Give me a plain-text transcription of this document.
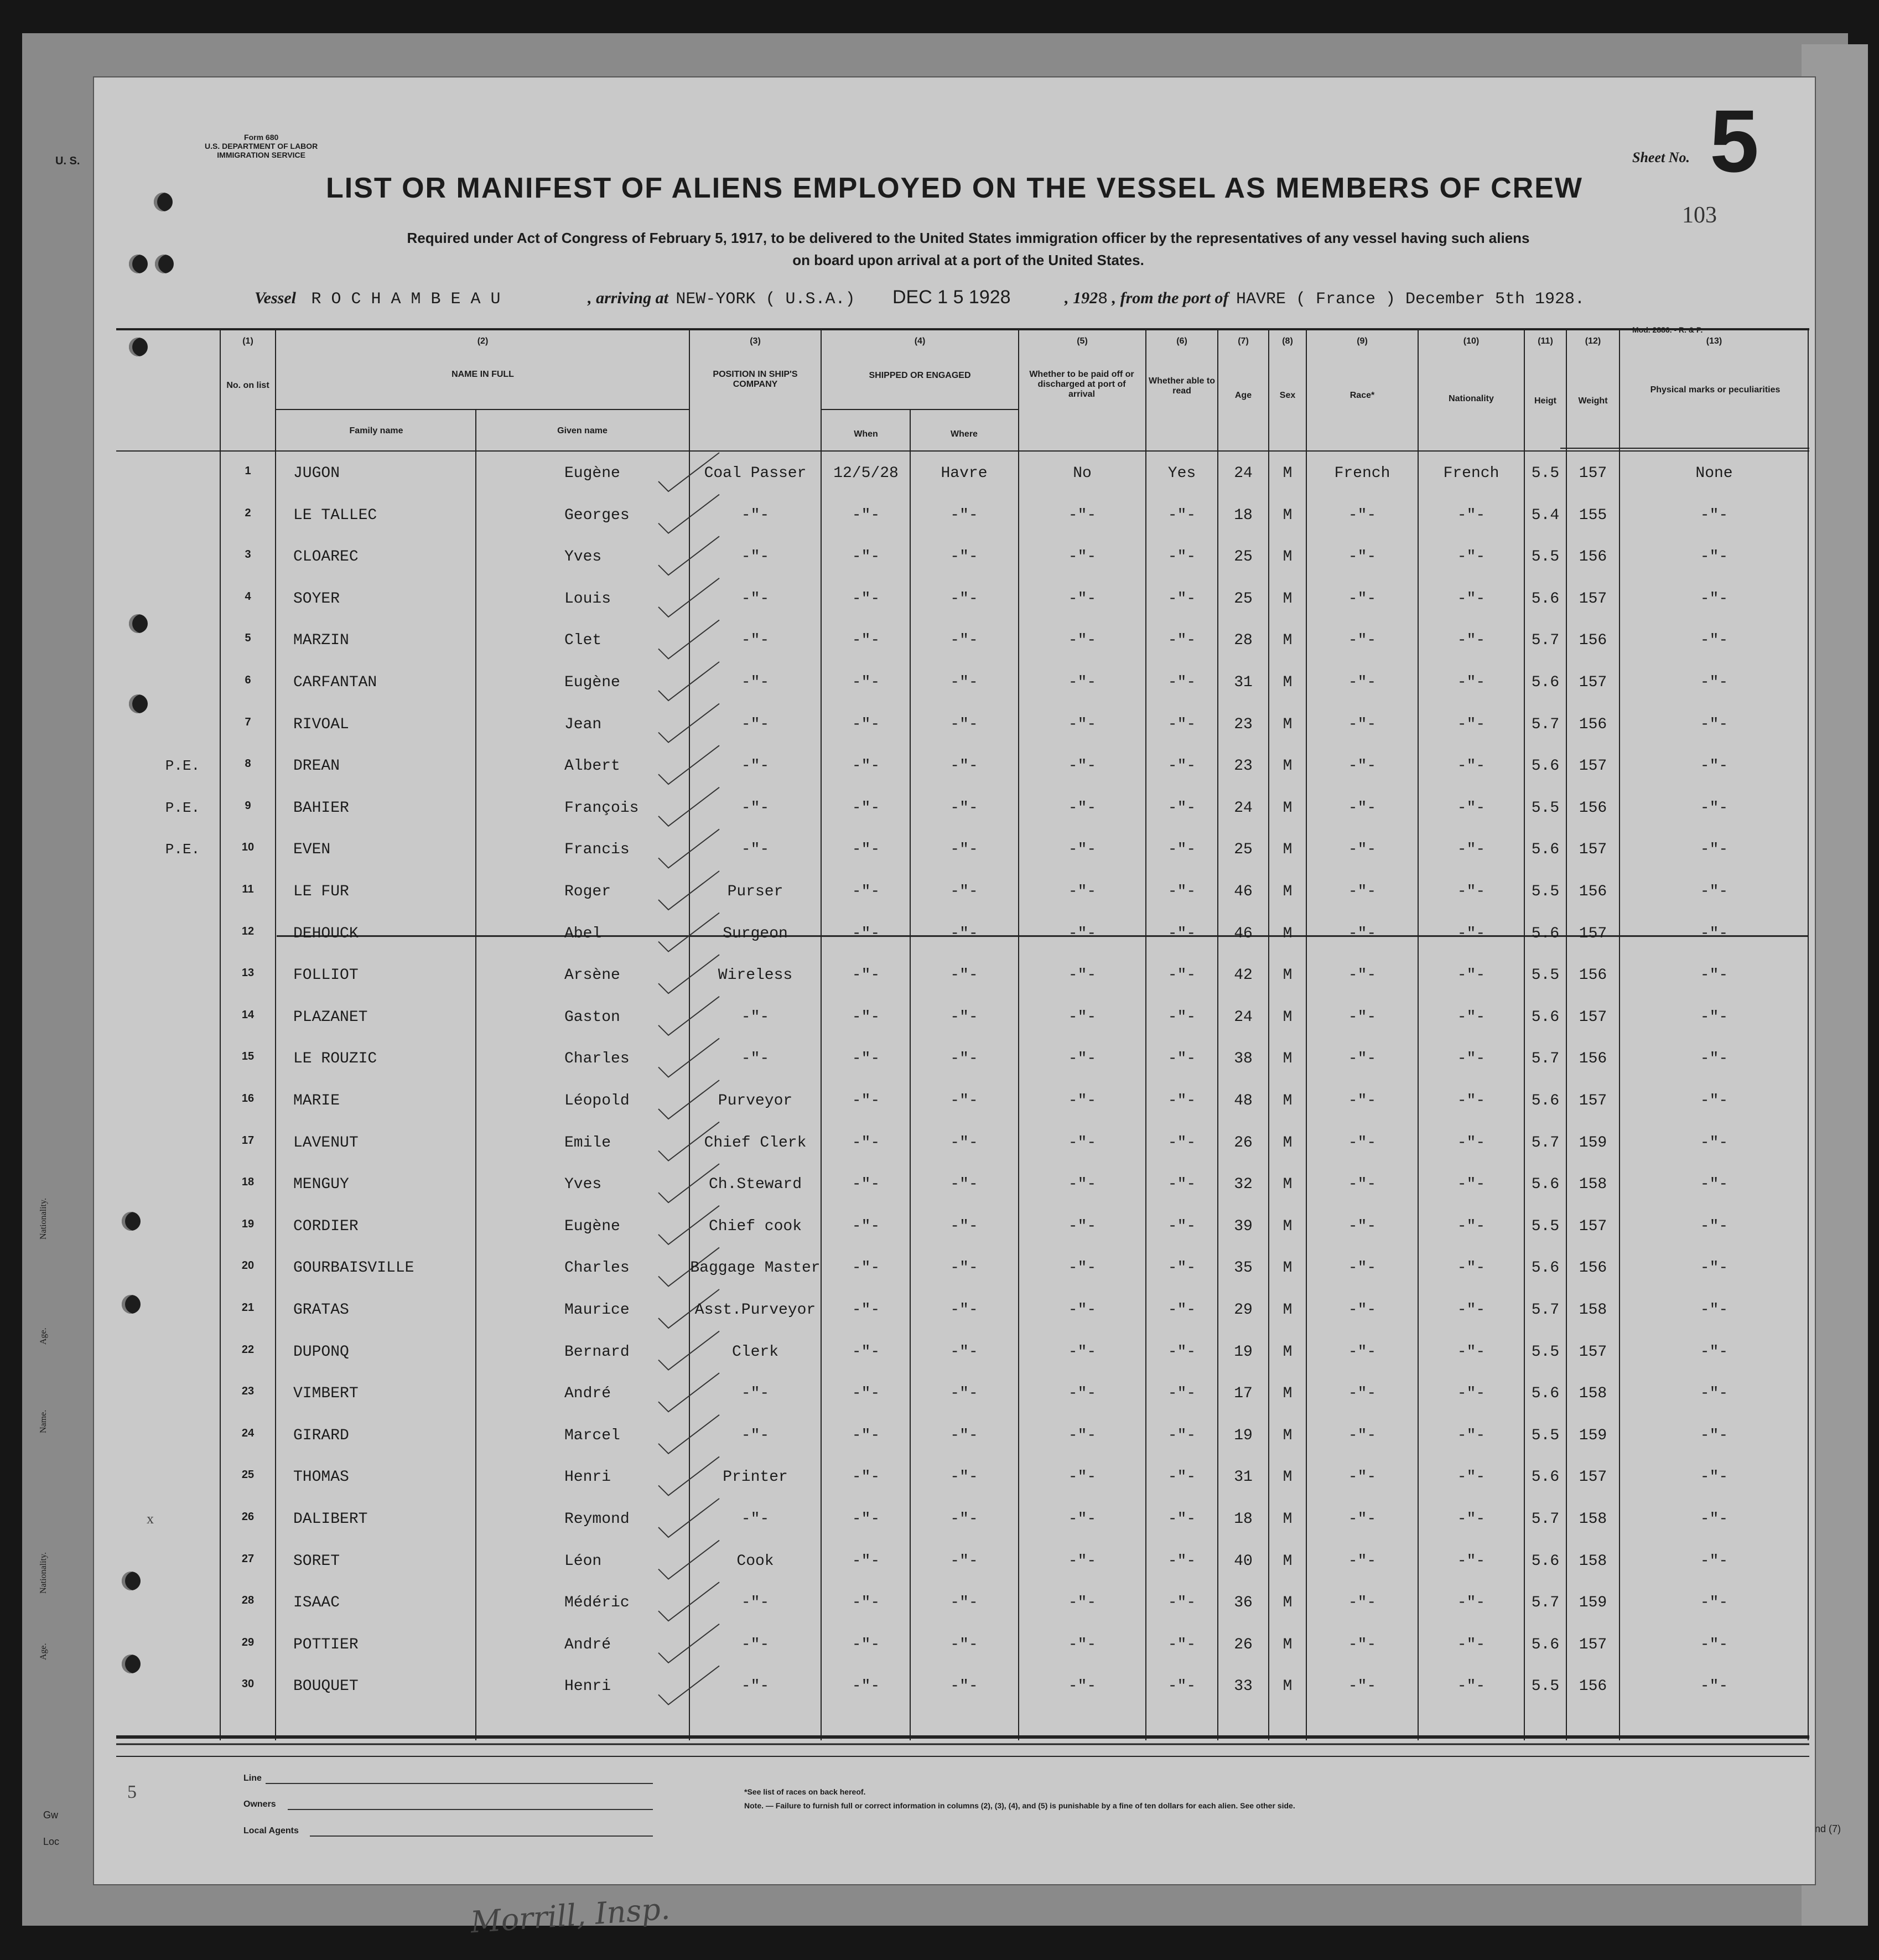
U. S.
Gw
Loc
nd (7)
Form 680
U.S. DEPARTMENT OF LABOR
IMMIGRATION SERVICE	Sheet No. 5
103
LIST OR MANIFEST OF ALIENS EMPLOYED ON THE VESSEL AS MEMBERS OF CREW
Required under Act of Congress of February 5, 1917, to be delivered to the United States immigration officer by the representatives of any vessel having such aliens
on board upon arrival at a port of the United States.
Vessel R O C H A M B E A U	, arriving at NEW-YORK ( U.S.A.) DEC 1 5 1928	, 1928 , from the port of HAVRE ( France ) December 5th 1928.
Mod. 2886. - R. & P.
(1)
No. on list
(2)
NAME IN FULL
Family name	Given name
(3)
POSITION IN SHIP'S COMPANY
(4)
SHIPPED OR ENGAGED
When	Where
(5)
Whether to be paid off or discharged at port of arrival
(6)
Whether able to read
(7)
Age
(8)
Sex
(9)
Race*
(10)
Nationality
(11)
Heigt
(12)
Weight
(13)
Physical marks or peculiarities
1	JUGON	Eugène	Coal Passer	12/5/28	Havre	No	Yes	24	M	French	French	5.5	157	None
2	LE TALLEC	Georges	-"-	-"-	-"-	-"-	-"-	18	M	-"-	-"-	5.4	155	-"-
3	CLOAREC	Yves	-"-	-"-	-"-	-"-	-"-	25	M	-"-	-"-	5.5	156	-"-
4	SOYER	Louis	-"-	-"-	-"-	-"-	-"-	25	M	-"-	-"-	5.6	157	-"-
5	MARZIN	Clet	-"-	-"-	-"-	-"-	-"-	28	M	-"-	-"-	5.7	156	-"-
6	CARFANTAN	Eugène	-"-	-"-	-"-	-"-	-"-	31	M	-"-	-"-	5.6	157	-"-
7	RIVOAL	Jean	-"-	-"-	-"-	-"-	-"-	23	M	-"-	-"-	5.7	156	-"-
8	DREAN	Albert	-"-	-"-	-"-	-"-	-"-	23	M	-"-	-"-	5.6	157	-"-
P.E.
9	BAHIER	François	-"-	-"-	-"-	-"-	-"-	24	M	-"-	-"-	5.5	156	-"-
P.E.
10	EVEN	Francis	-"-	-"-	-"-	-"-	-"-	25	M	-"-	-"-	5.6	157	-"-
P.E.
11	LE FUR	Roger	Purser	-"-	-"-	-"-	-"-	46	M	-"-	-"-	5.5	156	-"-
12	DEHOUCK	Abel	Surgeon	-"-	-"-	-"-	-"-	46	M	-"-	-"-	5.6	157	-"-
13	FOLLIOT	Arsène	Wireless	-"-	-"-	-"-	-"-	42	M	-"-	-"-	5.5	156	-"-
14	PLAZANET	Gaston	-"-	-"-	-"-	-"-	-"-	24	M	-"-	-"-	5.6	157	-"-
15	LE ROUZIC	Charles	-"-	-"-	-"-	-"-	-"-	38	M	-"-	-"-	5.7	156	-"-
16	MARIE	Léopold	Purveyor	-"-	-"-	-"-	-"-	48	M	-"-	-"-	5.6	157	-"-
17	LAVENUT	Emile	Chief Clerk	-"-	-"-	-"-	-"-	26	M	-"-	-"-	5.7	159	-"-
18	MENGUY	Yves	Ch.Steward	-"-	-"-	-"-	-"-	32	M	-"-	-"-	5.6	158	-"-
19	CORDIER	Eugène	Chief cook	-"-	-"-	-"-	-"-	39	M	-"-	-"-	5.5	157	-"-
20	GOURBAISVILLE	Charles	Baggage Master	-"-	-"-	-"-	-"-	35	M	-"-	-"-	5.6	156	-"-
21	GRATAS	Maurice	Asst.Purveyor	-"-	-"-	-"-	-"-	29	M	-"-	-"-	5.7	158	-"-
22	DUPONQ	Bernard	Clerk	-"-	-"-	-"-	-"-	19	M	-"-	-"-	5.5	157	-"-
23	VIMBERT	André	-"-	-"-	-"-	-"-	-"-	17	M	-"-	-"-	5.6	158	-"-
24	GIRARD	Marcel	-"-	-"-	-"-	-"-	-"-	19	M	-"-	-"-	5.5	159	-"-
25	THOMAS	Henri	Printer	-"-	-"-	-"-	-"-	31	M	-"-	-"-	5.6	157	-"-
26	DALIBERT	Reymond	-"-	-"-	-"-	-"-	-"-	18	M	-"-	-"-	5.7	158	-"-
27	SORET	Léon	Cook	-"-	-"-	-"-	-"-	40	M	-"-	-"-	5.6	158	-"-
28	ISAAC	Médéric	-"-	-"-	-"-	-"-	-"-	36	M	-"-	-"-	5.7	159	-"-
29	POTTIER	André	-"-	-"-	-"-	-"-	-"-	26	M	-"-	-"-	5.6	157	-"-
30	BOUQUET	Henri	-"-	-"-	-"-	-"-	-"-	33	M	-"-	-"-	5.5	156	-"-
Nationality.
Age.
Name.
Nationality.
Age.
Morrill, Insp.
Line
Owners
Local Agents
*See list of races on back hereof.
Note. — Failure to furnish full or correct information in columns (2), (3), (4), and (5) is punishable by a fine of ten dollars for each alien. See other side.
5
x
